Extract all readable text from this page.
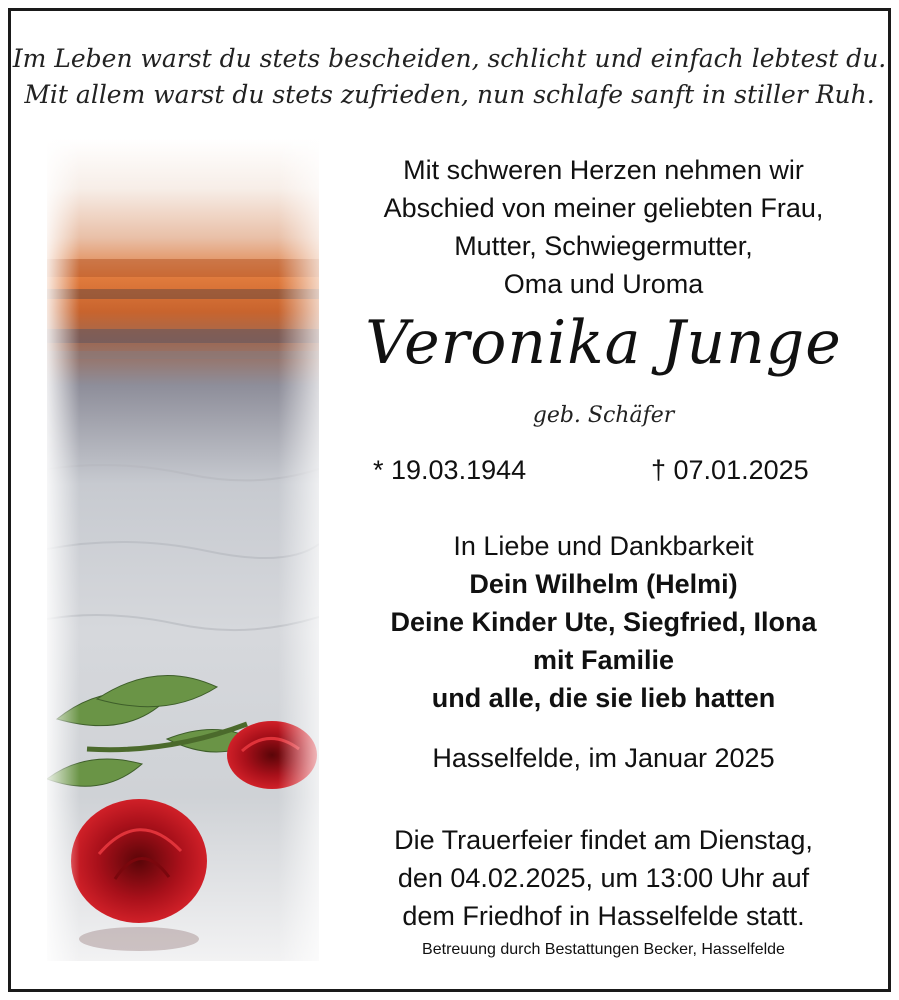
Im Leben warst du stets bescheiden, schlicht und einfach lebtest du.
Mit allem warst du stets zufrieden, nun schlafe sanft in stiller Ruh.
Mit schweren Herzen nehmen wir
Abschied von meiner geliebten Frau,
Mutter, Schwiegermutter,
Oma und Uroma
Veronika Junge
geb. Schäfer
* 19.03.1944	† 07.01.2025
In Liebe und Dankbarkeit
Dein Wilhelm (Helmi)
Deine Kinder Ute, Siegfried, Ilona
mit Familie
und alle, die sie lieb hatten
Hasselfelde, im Januar 2025
Die Trauerfeier findet am Dienstag,
den 04.02.2025, um 13:00 Uhr auf
dem Friedhof in Hasselfelde statt.
Betreuung durch Bestattungen Becker, Hasselfelde
